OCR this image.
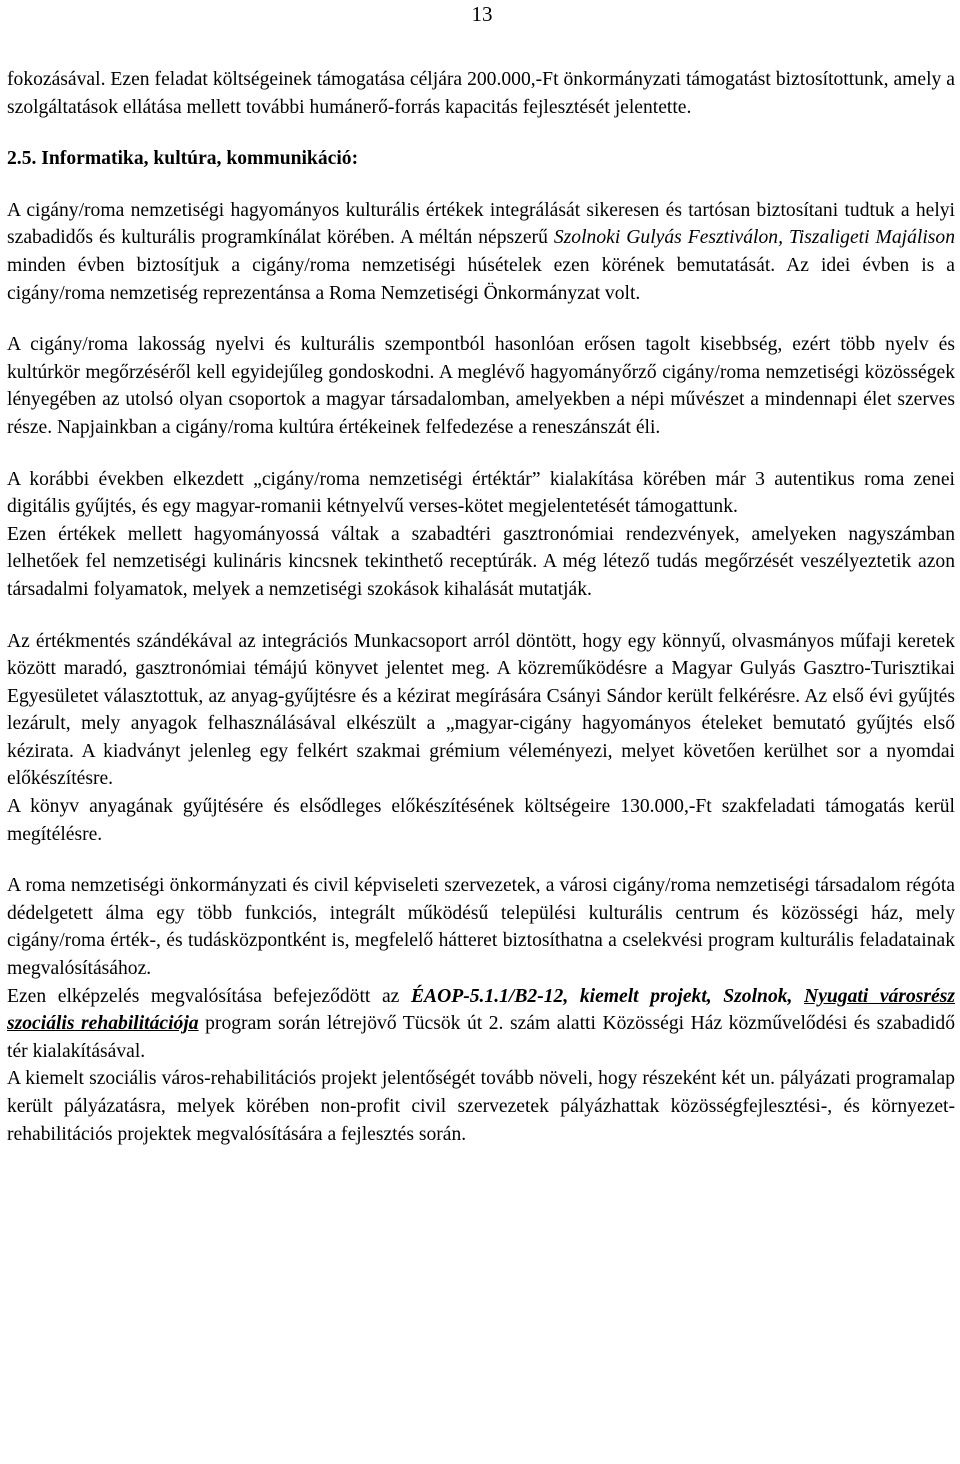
13

fokozásával. Ezen feladat költségeinek támogatása céljára 200.000,-Ft önkormányzati támogatást biztosítottunk, amely a szolgáltatások ellátása mellett további humánerő-forrás kapacitás fejlesztését jelentette.

2.5. Informatika, kultúra, kommunikáció:

A cigány/roma nemzetiségi hagyományos kulturális értékek integrálását sikeresen és tartósan biztosítani tudtuk a helyi szabadidős és kulturális programkínálat körében. A méltán népszerű Szolnoki Gulyás Fesztiválon, Tiszaligeti Majálison minden évben biztosítjuk a cigány/roma nemzetiségi húsételek ezen körének bemutatását. Az idei évben is a cigány/roma nemzetiség reprezentánsa a Roma Nemzetiségi Önkormányzat volt.

A cigány/roma lakosság nyelvi és kulturális szempontból hasonlóan erősen tagolt kisebbség, ezért több nyelv és kultúrkör megőrzéséről kell egyidejűleg gondoskodni. A meglévő hagyományőrző cigány/roma nemzetiségi közösségek lényegében az utolsó olyan csoportok a magyar társadalomban, amelyekben a népi művészet a mindennapi élet szerves része. Napjainkban a cigány/roma kultúra értékeinek felfedezése a reneszánszát éli.

A korábbi években elkezdett „cigány/roma nemzetiségi értéktár” kialakítása körében már 3 autentikus roma zenei digitális gyűjtés, és egy magyar-romanii kétnyelvű verses-kötet megjelentetését támogattunk.

Ezen értékek mellett hagyományossá váltak a szabadtéri gasztronómiai rendezvények, amelyeken nagyszámban lelhetőek fel nemzetiségi kulináris kincsnek tekinthető receptúrák. A még létező tudás megőrzését veszélyeztetik azon társadalmi folyamatok, melyek a nemzetiségi szokások kihalását mutatják.

Az értékmentés szándékával az integrációs Munkacsoport arról döntött, hogy egy könnyű, olvasmányos műfaji keretek között maradó, gasztronómiai témájú könyvet jelentet meg. A közreműködésre a Magyar Gulyás Gasztro-Turisztikai Egyesületet választottuk, az anyag-gyűjtésre és a kézirat megírására Csányi Sándor került felkérésre. Az első évi gyűjtés lezárult, mely anyagok felhasználásával elkészült a „magyar-cigány hagyományos ételeket bemutató gyűjtés első kézirata. A kiadványt jelenleg egy felkért szakmai grémium véleményezi, melyet követően kerülhet sor a nyomdai előkészítésre.

A könyv anyagának gyűjtésére és elsődleges előkészítésének költségeire 130.000,-Ft szakfeladati támogatás kerül megítélésre.

A roma nemzetiségi önkormányzati és civil képviseleti szervezetek, a városi cigány/roma nemzetiségi társadalom régóta dédelgetett álma egy több funkciós, integrált működésű települési kulturális centrum és közösségi ház, mely cigány/roma érték-, és tudásközpontként is, megfelelő hátteret biztosíthatna a cselekvési program kulturális feladatainak megvalósításához.

Ezen elképzelés megvalósítása befejeződött az ÉAOP-5.1.1/B2-12, kiemelt projekt, Szolnok, Nyugati városrész szociális rehabilitációja program során létrejövő Tücsök út 2. szám alatti Közösségi Ház közművelődési és szabadidő tér kialakításával.

A kiemelt szociális város-rehabilitációs projekt jelentőségét tovább növeli, hogy részeként két un. pályázati programalap került pályázatásra, melyek körében non-profit civil szervezetek pályázhattak közösségfejlesztési-, és környezet-rehabilitációs projektek megvalósítására a fejlesztés során.
